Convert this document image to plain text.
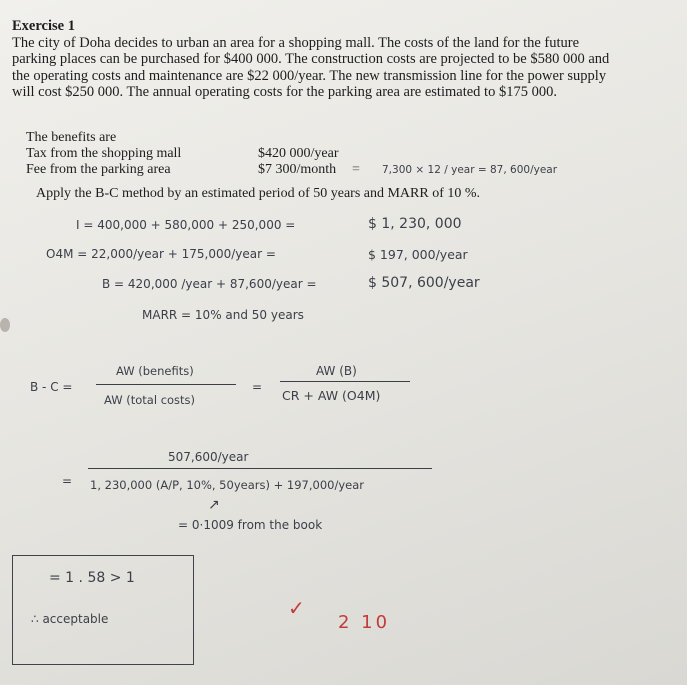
Exercise 1

The city of Doha decides to urban an area for a shopping mall. The costs of the land for the future

parking places can be purchased for $400 000. The construction costs are projected to be $580 000 and

the operating costs and maintenance are $22 000/year. The new transmission line for the power supply

will cost $250 000. The annual operating costs for the parking area are estimated to $175 000.

The benefits are
Tax from the shopping mall	$420 000/year
Fee from the parking area	$7 300/month = 7,300 × 12 / year = 87, 600/year
Apply the B-C method by an estimated period of 50 years and MARR of 10 %.
I = 400,000 + 580,000 + 250,000 =	$ 1, 230, 000
O4M = 22,000/year + 175,000/year =	$ 197, 000/year
B = 420,000 /year + 87,600/year =	$ 507, 600/year
MARR = 10% and 50 years
B - C =
AW (benefits)
AW (total costs)
=
AW (B)
CR + AW (O4M)
=
507,600/year
1, 230,000 (A/P, 10%, 50years) + 197,000/year
↗
= 0·1009 from the book
= 1 . 58 > 1
∴ acceptable	✓
2 10
